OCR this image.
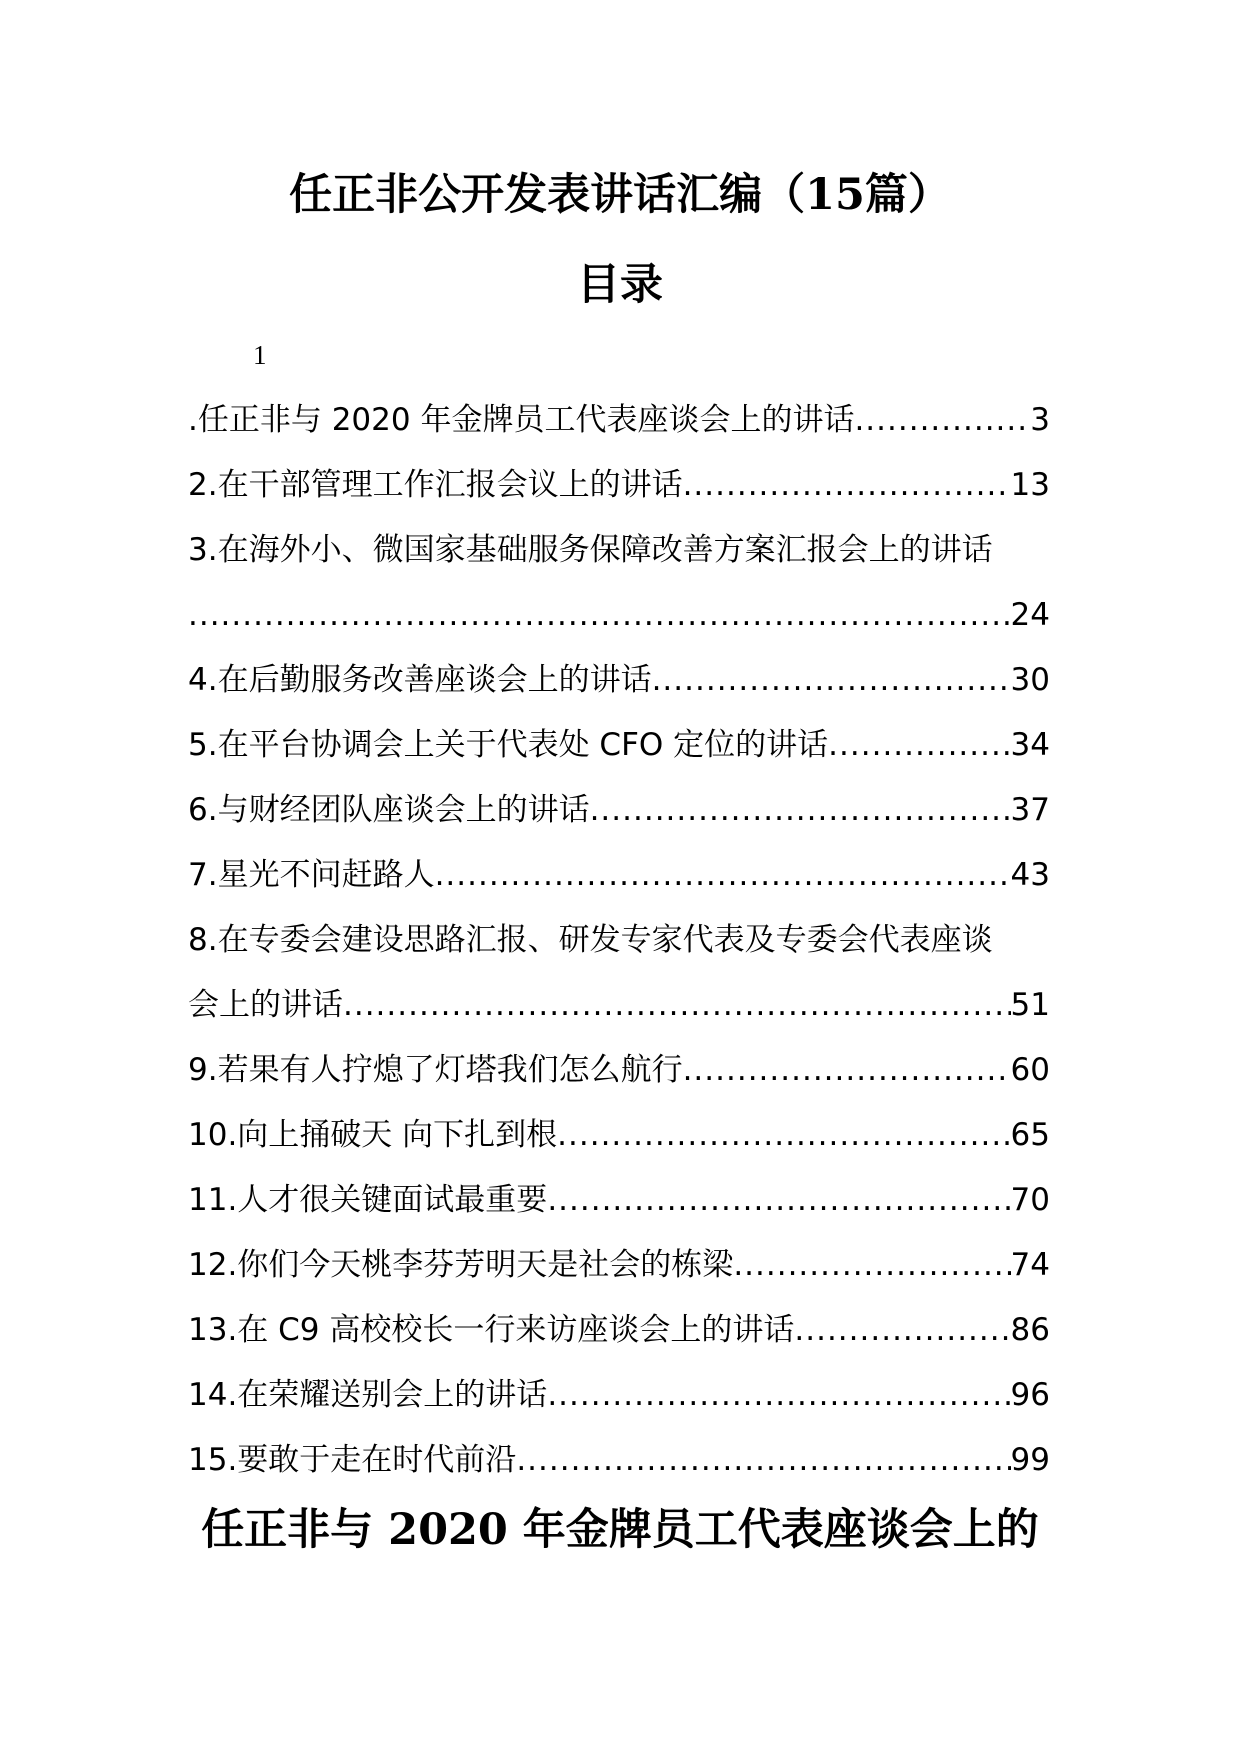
任正非公开发表讲话汇编（15篇）
目录
1
.任正非与 2020 年金牌员工代表座谈会上的讲话 .....	3
2.在干部管理工作汇报会议上的讲话 .....	13
3.在海外小、微国家基础服务保障改善方案汇报会上的讲话
.....
24
4.在后勤服务改善座谈会上的讲话 .....	30
5.在平台协调会上关于代表处 CFO 定位的讲话 .....	34
6.与财经团队座谈会上的讲话 .....	37
7.星光不问赶路人 .....	43
8.在专委会建设思路汇报、研发专家代表及专委会代表座谈
会上的讲话 .....	51
9.若果有人拧熄了灯塔我们怎么航行 .....	60
10.向上捅破天 向下扎到根 .....	65
11.人才很关键面试最重要 .....	70
12.你们今天桃李芬芳明天是社会的栋梁 .....	74
13.在 C9 高校校长一行来访座谈会上的讲话 .....	86
14.在荣耀送别会上的讲话 .....	96
15.要敢于走在时代前沿 .....	99
任正非与 2020 年金牌员工代表座谈会上的
